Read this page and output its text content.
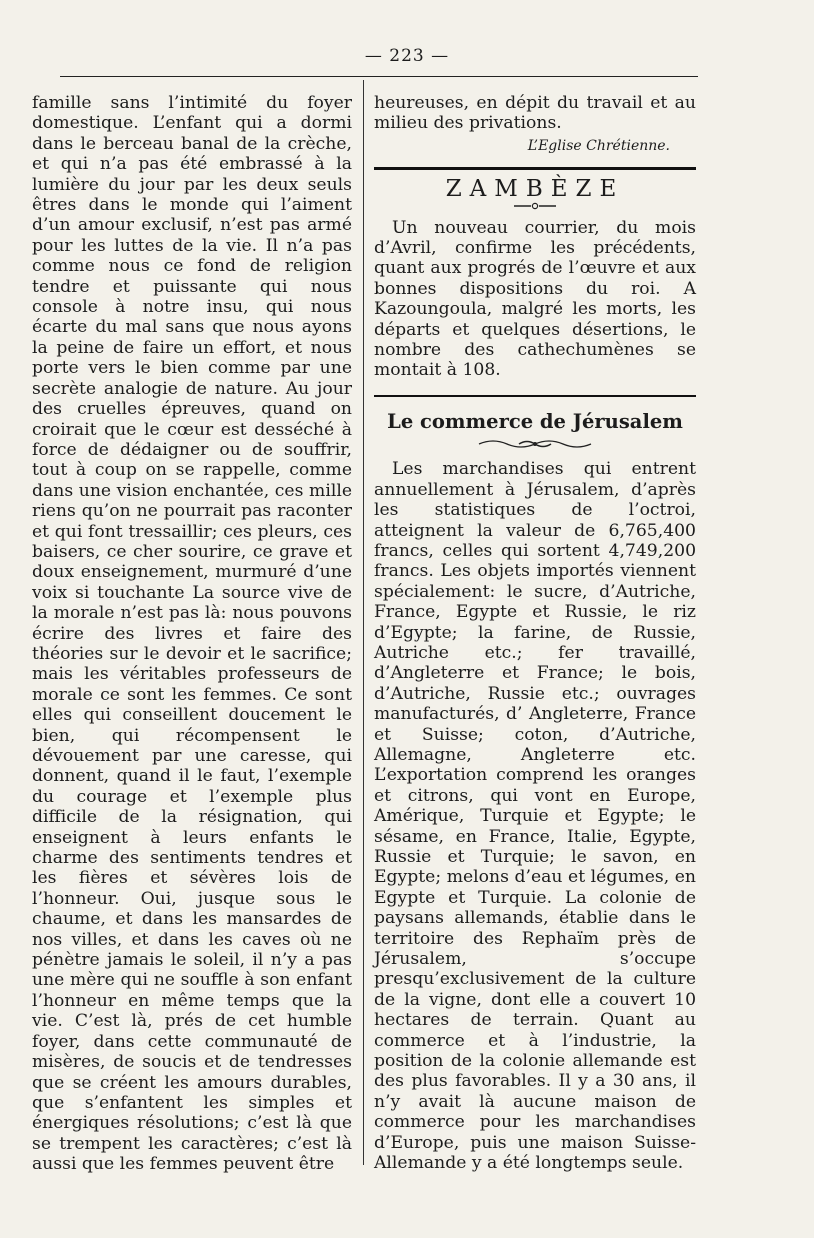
— 223 —

famille sans l’intimité du foyer domestique. L’enfant qui a dormi dans le berceau banal de la crèche, et qui n’a pas été embrassé à la lumière du jour par les deux seuls êtres dans le monde qui l’aiment d’un amour exclusif, n’est pas armé pour les luttes de la vie. Il n’a pas comme nous ce fond de religion tendre et puissante qui nous console à notre insu, qui nous écarte du mal sans que nous ayons la peine de faire un effort, et nous porte vers le bien comme par une secrète analogie de nature. Au jour des cruelles épreuves, quand on croirait que le cœur est desséché à force de dédaigner ou de souffrir, tout à coup on se rappelle, comme dans une vision enchantée, ces mille riens qu’on ne pourrait pas raconter et qui font tressaillir; ces pleurs, ces baisers, ce cher sourire, ce grave et doux enseignement, murmuré d’une voix si touchante La source vive de la morale n’est pas là: nous pouvons écrire des livres et faire des théories sur le devoir et le sacrifice; mais les véritables professeurs de morale ce sont les femmes. Ce sont elles qui conseillent doucement le bien, qui récompensent le dévouement par une caresse, qui donnent, quand il le faut, l’exemple du courage et l’exemple plus difficile de la résignation, qui enseignent à leurs enfants le charme des sentiments tendres et les fières et sévères lois de l’honneur. Oui, jusque sous le chaume, et dans les mansardes de nos villes, et dans les caves où ne pénètre jamais le soleil, il n’y a pas une mère qui ne souffle à son enfant l’honneur en même temps que la vie. C’est là, prés de cet humble foyer, dans cette communauté de misères, de soucis et de tendresses que se créent les amours durables, que s’enfantent les simples et énergiques résolutions; c’est là que se trempent les caractères; c’est là aussi que les femmes peuvent être

heureuses, en dépit du travail et au milieu des privations.

L’Eglise Chrétienne.
ZAMBÈZE

Un nouveau courrier, du mois d’Avril, confirme les précédents, quant aux progrés de l’œuvre et aux bonnes dispositions du roi. A Kazoungoula, malgré les morts, les départs et quelques désertions, le nombre des cathechumènes se montait à 108.

Le commerce de Jérusalem

Les marchandises qui entrent annuellement à Jérusalem, d’après les statistiques de l’octroi, atteignent la valeur de 6,765,400 francs, celles qui sortent 4,749,200 francs. Les objets importés viennent spécialement: le sucre, d’Autriche, France, Egypte et Russie, le riz d’Egypte; la farine, de Russie, Autriche etc.; fer travaillé, d’Angleterre et France; le bois, d’Autriche, Russie etc.; ouvrages manufacturés, d’ Angleterre, France et Suisse; coton, d’Autriche, Allemagne, Angleterre etc. L’exportation comprend les oranges et citrons, qui vont en Europe, Amérique, Turquie et Egypte; le sésame, en France, Italie, Egypte, Russie et Turquie; le savon, en Egypte; melons d’eau et légumes, en Egypte et Turquie. La colonie de paysans allemands, établie dans le territoire des Rephaïm près de Jérusalem, s’occupe presqu’exclusivement de la culture de la vigne, dont elle a couvert 10 hectares de terrain. Quant au commerce et à l’industrie, la position de la colonie allemande est des plus favorables. Il y a 30 ans, il n’y avait là aucune maison de commerce pour les marchandises d’Europe, puis une maison Suisse-Allemande y a été longtemps seule.
